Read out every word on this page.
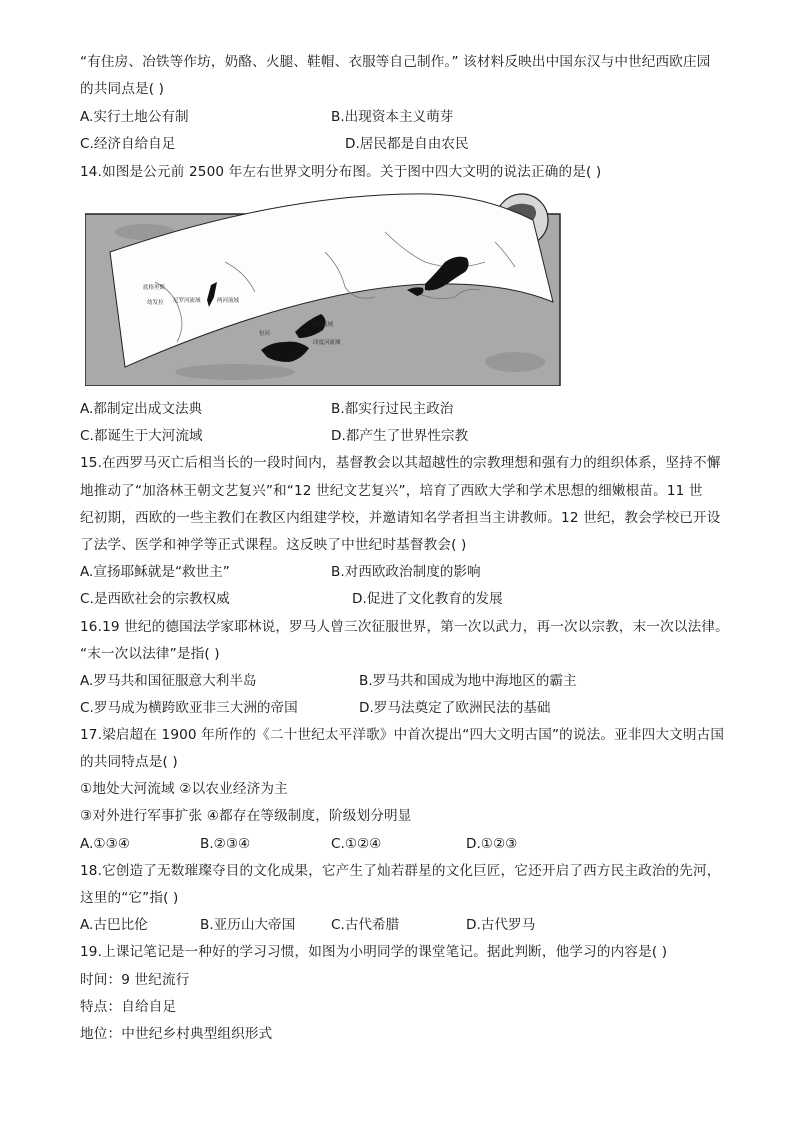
“有住房、冶铁等作坊，奶酪、火腿、鞋帽、衣服等自己制作。” 该材料反映出中国东汉与中世纪西欧庄园
的共同点是( )
A.实行土地公有制	B.出现资本主义萌芽
C.经济自给自足	D.居民都是自由农民
14.如图是公元前 2500 年左右世界文明分布图。关于图中四大文明的说法正确的是( )
底格里斯
幼发拉 尼罗河流域	两河流域
恒河
印度河流域
黄河流域
A.都制定出成文法典	B.都实行过民主政治
C.都诞生于大河流域	D.都产生了世界性宗教
15.在西罗马灭亡后相当长的一段时间内，基督教会以其超越性的宗教理想和强有力的组织体系，坚持不懈
地推动了“加洛林王朝文艺复兴”和“12 世纪文艺复兴”，培育了西欧大学和学术思想的细嫩根苗。11 世
纪初期，西欧的一些主教们在教区内组建学校，并邀请知名学者担当主讲教师。12 世纪，教会学校已开设
了法学、医学和神学等正式课程。这反映了中世纪时基督教会( )
A.宣扬耶稣就是“救世主”	B.对西欧政治制度的影响
C.是西欧社会的宗教权威	D.促进了文化教育的发展
16.19 世纪的德国法学家耶林说，罗马人曾三次征服世界，第一次以武力，再一次以宗教，末一次以法律。
“末一次以法律”是指( )
A.罗马共和国征服意大利半岛	B.罗马共和国成为地中海地区的霸主
C.罗马成为横跨欧亚非三大洲的帝国	D.罗马法奠定了欧洲民法的基础
17.梁启超在 1900 年所作的《二十世纪太平洋歌》中首次提出“四大文明古国”的说法。亚非四大文明古国
的共同特点是( )
①地处大河流域 ②以农业经济为主
③对外进行军事扩张 ④都存在等级制度，阶级划分明显
A.①③④	B.②③④	C.①②④	D.①②③
18.它创造了无数璀璨夺目的文化成果，它产生了灿若群星的文化巨匠，它还开启了西方民主政治的先河，
这里的“它”指( )
A.古巴比伦	B.亚历山大帝国	C.古代希腊	D.古代罗马
19.上课记笔记是一种好的学习习惯，如图为小明同学的课堂笔记。据此判断，他学习的内容是( )
时间：9 世纪流行
特点：自给自足
地位：中世纪乡村典型组织形式
